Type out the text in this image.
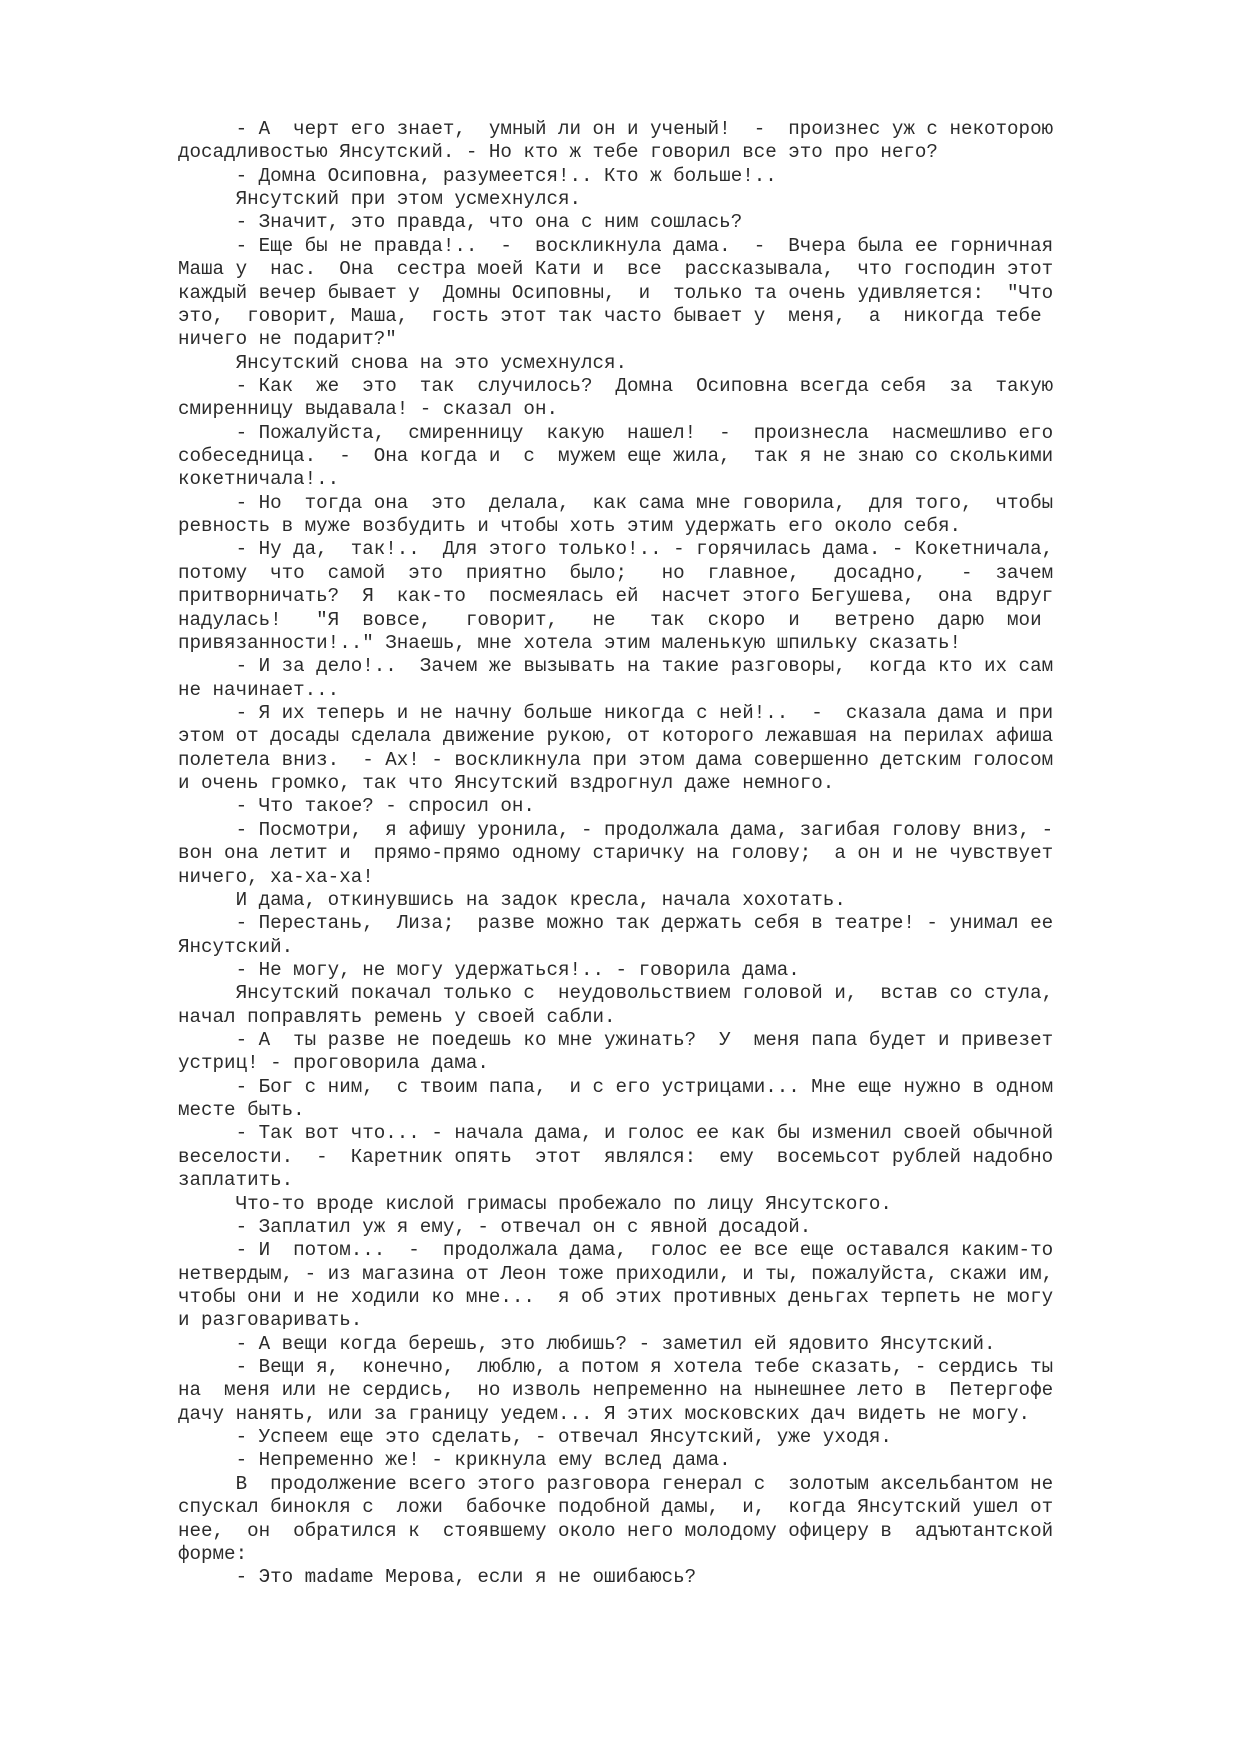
- А  черт его знает,  умный ли он и ученый!  -  произнес уж с некоторою
досадливостью Янсутский. - Но кто ж тебе говорил все это про него?
- Домна Осиповна, разумеется!.. Кто ж больше!..
Янсутский при этом усмехнулся.
- Значит, это правда, что она с ним сошлась?
- Еще бы не правда!..  -  воскликнула дама.  -  Вчера была ее горничная
Маша у  нас.  Она  сестра моей Кати и  все  рассказывала,  что господин этот
каждый вечер бывает у  Домны Осиповны,  и  только та очень удивляется:  "Что
это,  говорит, Маша,  гость этот так часто бывает у  меня,  а  никогда тебе
ничего не подарит?"
Янсутский снова на это усмехнулся.
- Как  же  это  так  случилось?  Домна  Осиповна всегда себя  за  такую
смиренницу выдавала! - сказал он.
- Пожалуйста,  смиренницу  какую  нашел!  -  произнесла  насмешливо его
собеседница.  -  Она когда и  с  мужем еще жила,  так я не знаю со сколькими
кокетничала!..
- Но  тогда она  это  делала,  как сама мне говорила,  для того,  чтобы
ревность в муже возбудить и чтобы хоть этим удержать его около себя.
- Ну да,  так!..  Для этого только!.. - горячилась дама. - Кокетничала,
потому  что  самой  это  приятно  было;   но  главное,   досадно,   -  зачем
притворничать?  Я  как-то  посмеялась ей  насчет этого Бегушева,  она  вдруг
надулась!   "Я  вовсе,   говорит,   не   так  скоро  и   ветрено  дарю  мои
привязанности!.." Знаешь, мне хотела этим маленькую шпильку сказать!
- И за дело!..  Зачем же вызывать на такие разговоры,  когда кто их сам
не начинает...
- Я их теперь и не начну больше никогда с ней!..  -  сказала дама и при
этом от досады сделала движение рукою, от которого лежавшая на перилах афиша
полетела вниз.  - Ах! - воскликнула при этом дама совершенно детским голосом
и очень громко, так что Янсутский вздрогнул даже немного.
- Что такое? - спросил он.
- Посмотри,  я афишу уронила, - продолжала дама, загибая голову вниз, -
вон она летит и  прямо-прямо одному старичку на голову;  а он и не чувствует
ничего, ха-ха-ха!
И дама, откинувшись на задок кресла, начала хохотать.
- Перестань,  Лиза;  разве можно так держать себя в театре! - унимал ее
Янсутский.
- Не могу, не могу удержаться!.. - говорила дама.
Янсутский покачал только с  неудовольствием головой и,  встав со стула,
начал поправлять ремень у своей сабли.
- А  ты разве не поедешь ко мне ужинать?  У  меня папа будет и привезет
устриц! - проговорила дама.
- Бог с ним,  с твоим папа,  и с его устрицами... Мне еще нужно в одном
месте быть.
- Так вот что... - начала дама, и голос ее как бы изменил своей обычной
веселости.  -  Каретник опять  этот  являлся:  ему  восемьсот рублей надобно
заплатить.
Что-то вроде кислой гримасы пробежало по лицу Янсутского.
- Заплатил уж я ему, - отвечал он с явной досадой.
- И  потом...  -  продолжала дама,  голос ее все еще оставался каким-то
нетвердым, - из магазина от Леон тоже приходили, и ты, пожалуйста, скажи им,
чтобы они и не ходили ко мне...  я об этих противных деньгах терпеть не могу
и разговаривать.
- А вещи когда берешь, это любишь? - заметил ей ядовито Янсутский.
- Вещи я,  конечно,  люблю, а потом я хотела тебе сказать, - сердись ты
на  меня или не сердись,  но изволь непременно на нынешнее лето в  Петергофе
дачу нанять, или за границу уедем... Я этих московских дач видеть не могу.
- Успеем еще это сделать, - отвечал Янсутский, уже уходя.
- Непременно же! - крикнула ему вслед дама.
В  продолжение всего этого разговора генерал с  золотым аксельбантом не
спускал бинокля с  ложи  бабочке подобной дамы,  и,  когда Янсутский ушел от
нее,  он  обратился к  стоявшему около него молодому офицеру в  адъютантской
форме:
- Это madame Мерова, если я не ошибаюсь?
